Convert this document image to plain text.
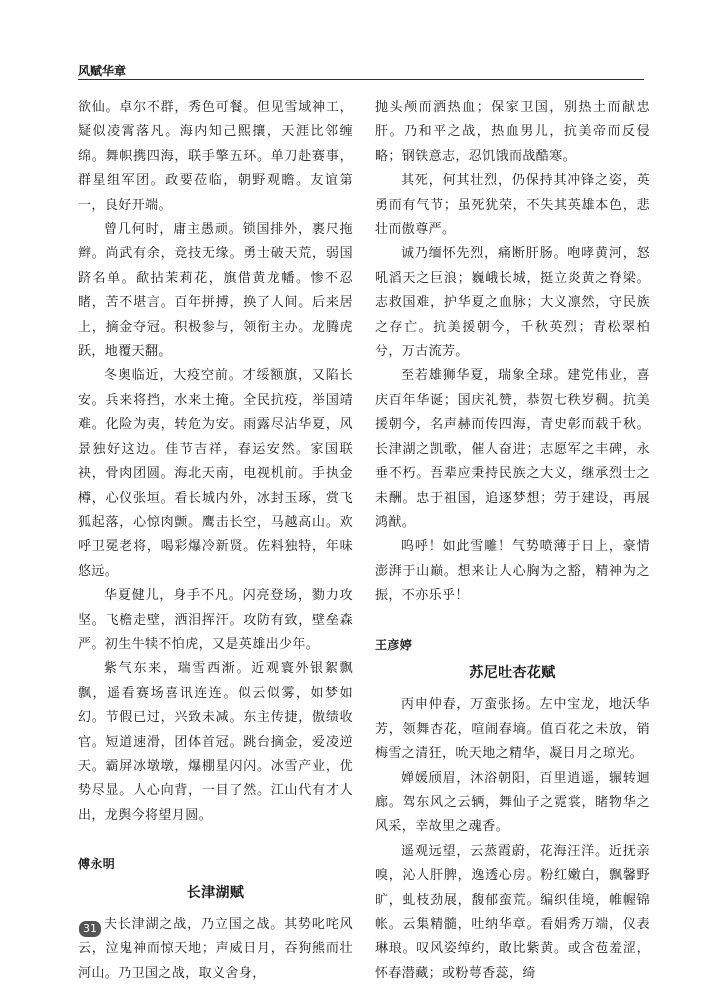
风赋华章

欲仙。卓尔不群，秀色可餐。但见雪域神工，疑似凌霄落凡。海内知己熙攘，天涯比邻缠绵。舞帜携四海，联手擎五环。单刀赴赛事，群星组军团。政要莅临，朝野观瞻。友谊第一，良好开端。

曾几何时，庸主愚顽。锁国排外，裹尺拖辫。尚武有余，竞技无缘。勇士破天荒，弱国跻名单。歃拈茉莉花，旗借黄龙幡。惨不忍睹，苦不堪言。百年拼搏，换了人间。后来居上，摘金夺冠。积极参与，领衔主办。龙腾虎跃，地覆天翻。

冬奥临近，大疫空前。才绥额旗，又陷长安。兵来将挡，水来土掩。全民抗疫，举国靖难。化险为夷，转危为安。雨露尽沾华夏，风景独好这边。佳节吉祥，春运安然。家国联袂，骨肉团圆。海北天南，电视机前。手执金樽，心仪张垣。看长城内外，冰封玉琢，赏飞狐起落，心惊肉颤。鹰击长空，马越高山。欢呼卫冕老将，喝彩爆冷新贤。佐料独特，年味悠远。

华夏健儿，身手不凡。闪亮登场，勠力攻坚。飞檐走壁，洒泪挥汗。攻防有致，壁垒森严。初生牛犊不怕虎，又是英雄出少年。

紫气东来，瑞雪西渐。近观寰外银絮飘飘，遥看赛场喜讯连连。似云似雾，如梦如幻。节假已过，兴致未减。东主传捷，傲绩收官。短道速滑，团体首冠。跳台摘金，爱凌逆天。霸屏冰墩墩，爆棚星闪闪。冰雪产业，优势尽显。人心向背，一目了然。江山代有才人出，龙舆今将望月圆。

傅永明
长津湖赋

夫长津湖之战，乃立国之战。其势叱咤风云，泣鬼神而惊天地；声威日月，吞狗熊而壮河山。乃卫国之战，取义舍身，

抛头颅而洒热血；保家卫国，别热土而献忠肝。乃和平之战，热血男儿，抗美帝而反侵略；钢铁意志，忍饥饿而战酷寒。

其死，何其壮烈，仍保持其冲锋之姿，英勇而有气节；虽死犹荣，不失其英雄本色，悲壮而傲尊严。

诚乃缅怀先烈，痛断肝肠。咆哮黄河，怒吼滔天之巨浪；巍峨长城，挺立炎黄之脊梁。志救国难，护华夏之血脉；大义凛然，守民族之存亡。抗美援朝今，千秋英烈；青松翠柏兮，万古流芳。

至若雄狮华夏，瑞象全球。建党伟业，喜庆百年华诞；国庆礼赞，恭贺七秩岁稠。抗美援朝今，名声赫而传四海，青史彰而载千秋。长津湖之凯歌，催人奋进；志愿军之丰碑，永垂不朽。吾辈应秉持民族之大义，继承烈士之未酬。忠于祖国，追逐梦想；劳于建设，再展鸿猷。

呜呼！如此雪雕！气势喷薄于日上，豪情澎湃于山巅。想来让人心胸为之豁，精神为之振，不亦乐乎！

王彦婷
苏尼吐杏花赋

丙申仲春，万蛮张扬。左中宝龙，地沃华芳，领舞杏花，喧闹春墒。值百花之未放，销梅雪之清狂，吮天地之精华，凝日月之琼光。

婵媛颀眉，沐浴朝阳，百里逍遥，辗转迴廊。驾东风之云辆，舞仙子之霓裳，睹物华之风采，幸故里之魂香。

遥观远望，云蒸霞蔚，花海汪洋。近抚亲嗅，沁人肝脾，逸透心房。粉红嫩白，飘馨野旷，虬枝劲展，馥郁蛮荒。编织佳境，帷幄锦帐。云集精髓，吐纳华章。看娟秀万端，仪表琳琅。叹风姿绰约，敢比紫黄。或含苞羞涩，怀春潜藏；或粉萼香蕊，绮

31
